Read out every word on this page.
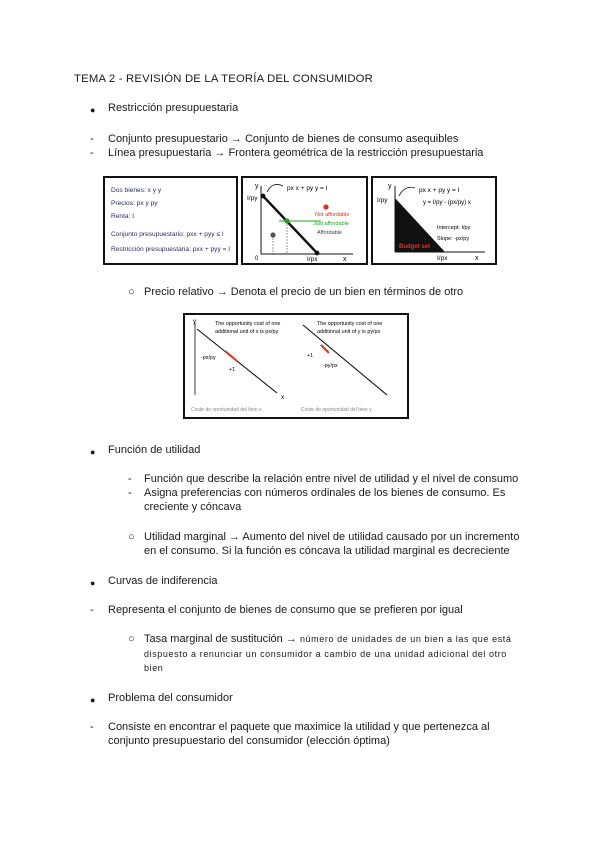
TEMA 2 - REVISIÓN DE LA TEORÍA DEL CONSUMIDOR
● Restricción presupuestaria
- Conjunto presupuestario → Conjunto de bienes de consumo asequibles
- Línea presupuestaria → Frontera geométrica de la restricción presupuestaria
Dos bienes: x y y
Precios: px y py
Renta: I
Conjunto presupuestario: pxx + pyy ≤ I
Restricción presupuestaria: pxx + pyy = I
y
x
0
I/py
I/px
px x + py y = I
Not affordable
Just affordable
Affordable
y
x
I/py
I/px
Budget set
px x + py y = I
y = I/py - (px/py) x
Intercept: I/py
Slope: -px/py
○ Precio relativo → Denota el precio de un bien en términos de otro
y	The opportunity cost of one
additional unit of x is px/py
-px/py
+1
x
Coste de oportunidad del bien x
The opportunity cost of one
additional unit of y is py/px
+1
-py/px
Coste de oportunidad del bien y
● Función de utilidad
- Función que describe la relación entre nivel de utilidad y el nivel de consumo
- Asigna preferencias con números ordinales de los bienes de consumo. Es
creciente y cóncava
○ Utilidad marginal → Aumento del nivel de utilidad causado por un incremento
en el consumo. Si la función es cóncava la utilidad marginal es decreciente
● Curvas de indiferencia
- Representa el conjunto de bienes de consumo que se prefieren por igual
○ Tasa marginal de sustitución → número de unidades de un bien a las que está
dispuesto a renunciar un consumidor a cambio de una unidad adicional del otro
bien
● Problema del consumidor
- Consiste en encontrar el paquete que maximice la utilidad y que pertenezca al
conjunto presupuestario del consumidor (elección óptima)
